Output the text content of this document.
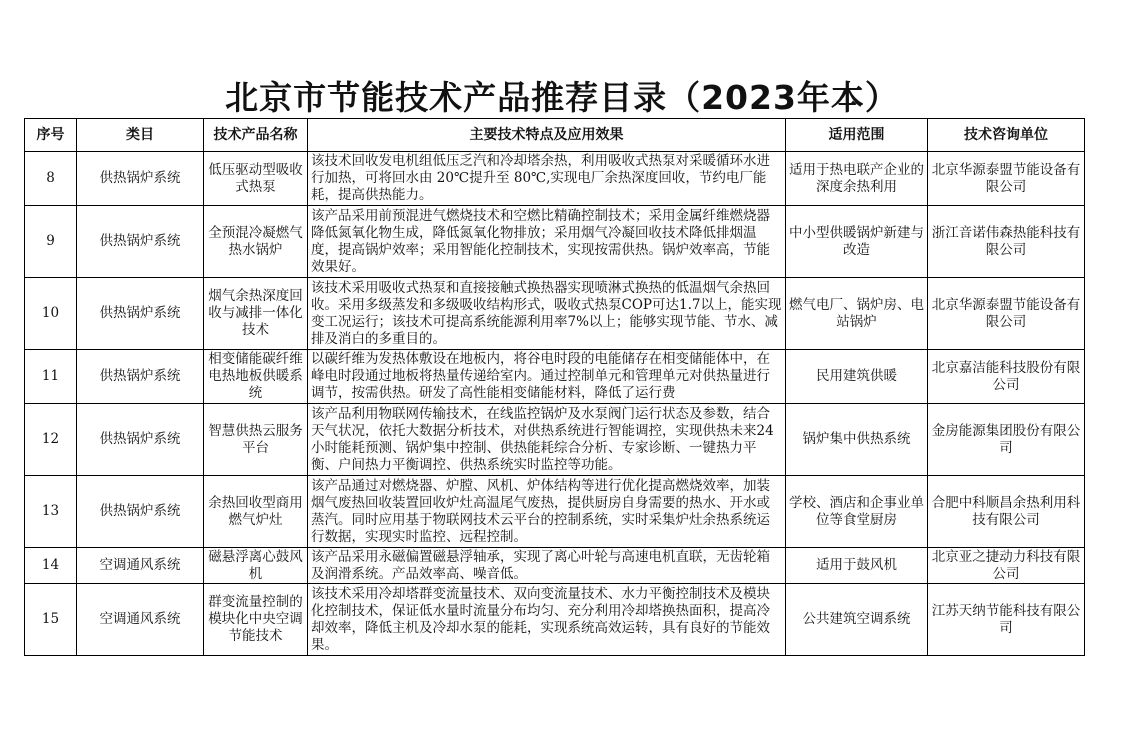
北京市节能技术产品推荐目录（2023年本）
序号	类目	技术产品名称	主要技术特点及应用效果	适用范围	技术咨询单位

8	供热锅炉系统	低压驱动型吸收式热泵	该技术回收发电机组低压乏汽和冷却塔余热，利用吸收式热泵对采暖循环水进行加热，可将回水由 20℃提升至 80℃,实现电厂余热深度回收，节约电厂能耗，提高供热能力。	适用于热电联产企业的深度余热利用	北京华源泰盟节能设备有限公司

9	供热锅炉系统	全预混冷凝燃气热水锅炉	该产品采用前预混进气燃烧技术和空燃比精确控制技术；采用金属纤维燃烧器降低氮氧化物生成，降低氮氧化物排放；采用烟气冷凝回收技术降低排烟温度，提高锅炉效率；采用智能化控制技术，实现按需供热。锅炉效率高，节能效果好。	中小型供暖锅炉新建与改造	浙江音诺伟森热能科技有限公司

10	供热锅炉系统	烟气余热深度回收与减排一体化技术	该技术采用吸收式热泵和直接接触式换热器实现喷淋式换热的低温烟气余热回收。采用多级蒸发和多级吸收结构形式，吸收式热泵COP可达1.7以上，能实现变工况运行；该技术可提高系统能源利用率7%以上；能够实现节能、节水、减排及消白的多重目的。	燃气电厂、锅炉房、电站锅炉	北京华源泰盟节能设备有限公司

11	供热锅炉系统	相变储能碳纤维电热地板供暖系统	以碳纤维为发热体敷设在地板内，将谷电时段的电能储存在相变储能体中，在峰电时段通过地板将热量传递给室内。通过控制单元和管理单元对供热量进行调节，按需供热。研发了高性能相变储能材料，降低了运行费	民用建筑供暖	北京嘉洁能科技股份有限公司

12	供热锅炉系统	智慧供热云服务平台	该产品利用物联网传输技术，在线监控锅炉及水泵阀门运行状态及参数，结合天气状况，依托大数据分析技术，对供热系统进行智能调控，实现供热未来24小时能耗预测、锅炉集中控制、供热能耗综合分析、专家诊断、一键热力平衡、户间热力平衡调控、供热系统实时监控等功能。	锅炉集中供热系统	金房能源集团股份有限公司

13	供热锅炉系统	余热回收型商用燃气炉灶	该产品通过对燃烧器、炉膛、风机、炉体结构等进行优化提高燃烧效率，加装烟气废热回收装置回收炉灶高温尾气废热，提供厨房自身需要的热水、开水或蒸汽。同时应用基于物联网技术云平台的控制系统，实时采集炉灶余热系统运行数据，实现实时监控、远程控制。	学校、酒店和企事业单位等食堂厨房	合肥中科顺昌余热利用科技有限公司

14	空调通风系统	磁悬浮离心鼓风机	该产品采用永磁偏置磁悬浮轴承，实现了离心叶轮与高速电机直联，无齿轮箱及润滑系统。产品效率高、噪音低。	适用于鼓风机	北京亚之捷动力科技有限公司

15	空调通风系统	群变流量控制的模块化中央空调节能技术	该技术采用冷却塔群变流量技术、双向变流量技术、水力平衡控制技术及模块化控制技术，保证低水量时流量分布均匀、充分利用冷却塔换热面积，提高冷却效率，降低主机及冷却水泵的能耗，实现系统高效运转，具有良好的节能效果。	公共建筑空调系统	江苏天纳节能科技有限公司
